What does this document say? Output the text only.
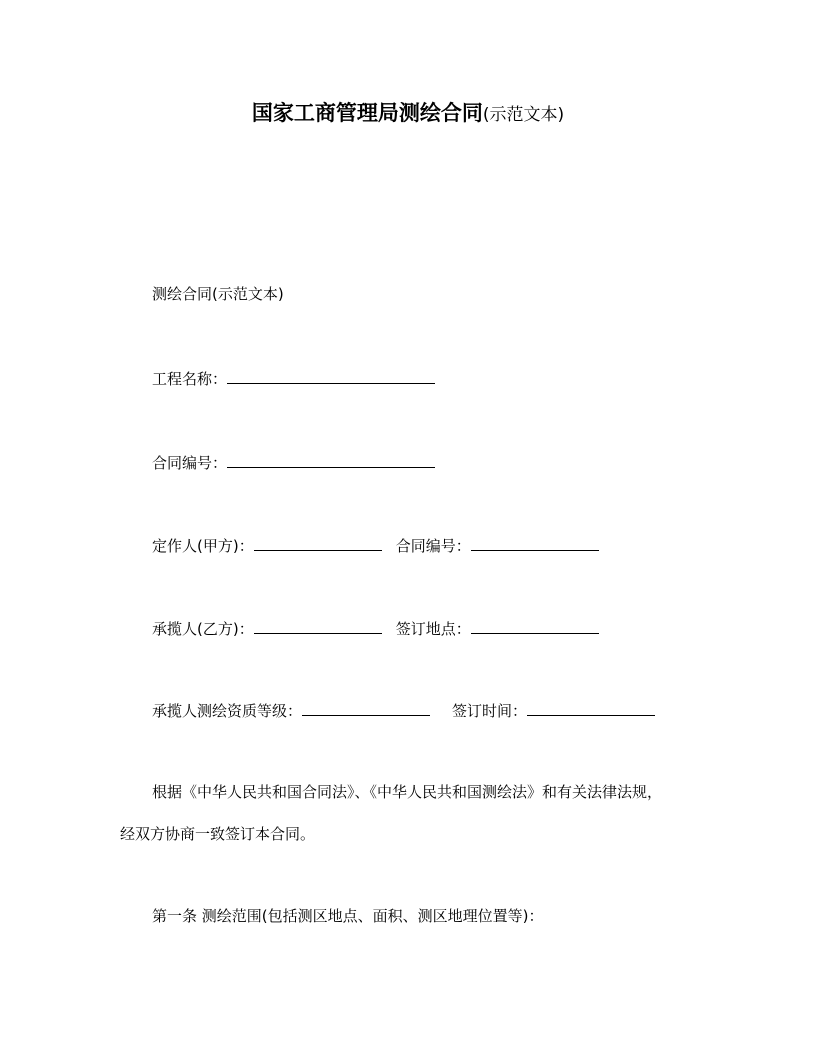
国家工商管理局测绘合同(示范文本)
测绘合同(示范文本)
工程名称：
合同编号：
定作人(甲方)：	合同编号：
承揽人(乙方)：	签订地点：
承揽人测绘资质等级：	签订时间：
根据《中华人民共和国合同法》、《中华人民共和国测绘法》和有关法律法规，
经双方协商一致签订本合同。
第一条 测绘范围(包括测区地点、面积、测区地理位置等)：
